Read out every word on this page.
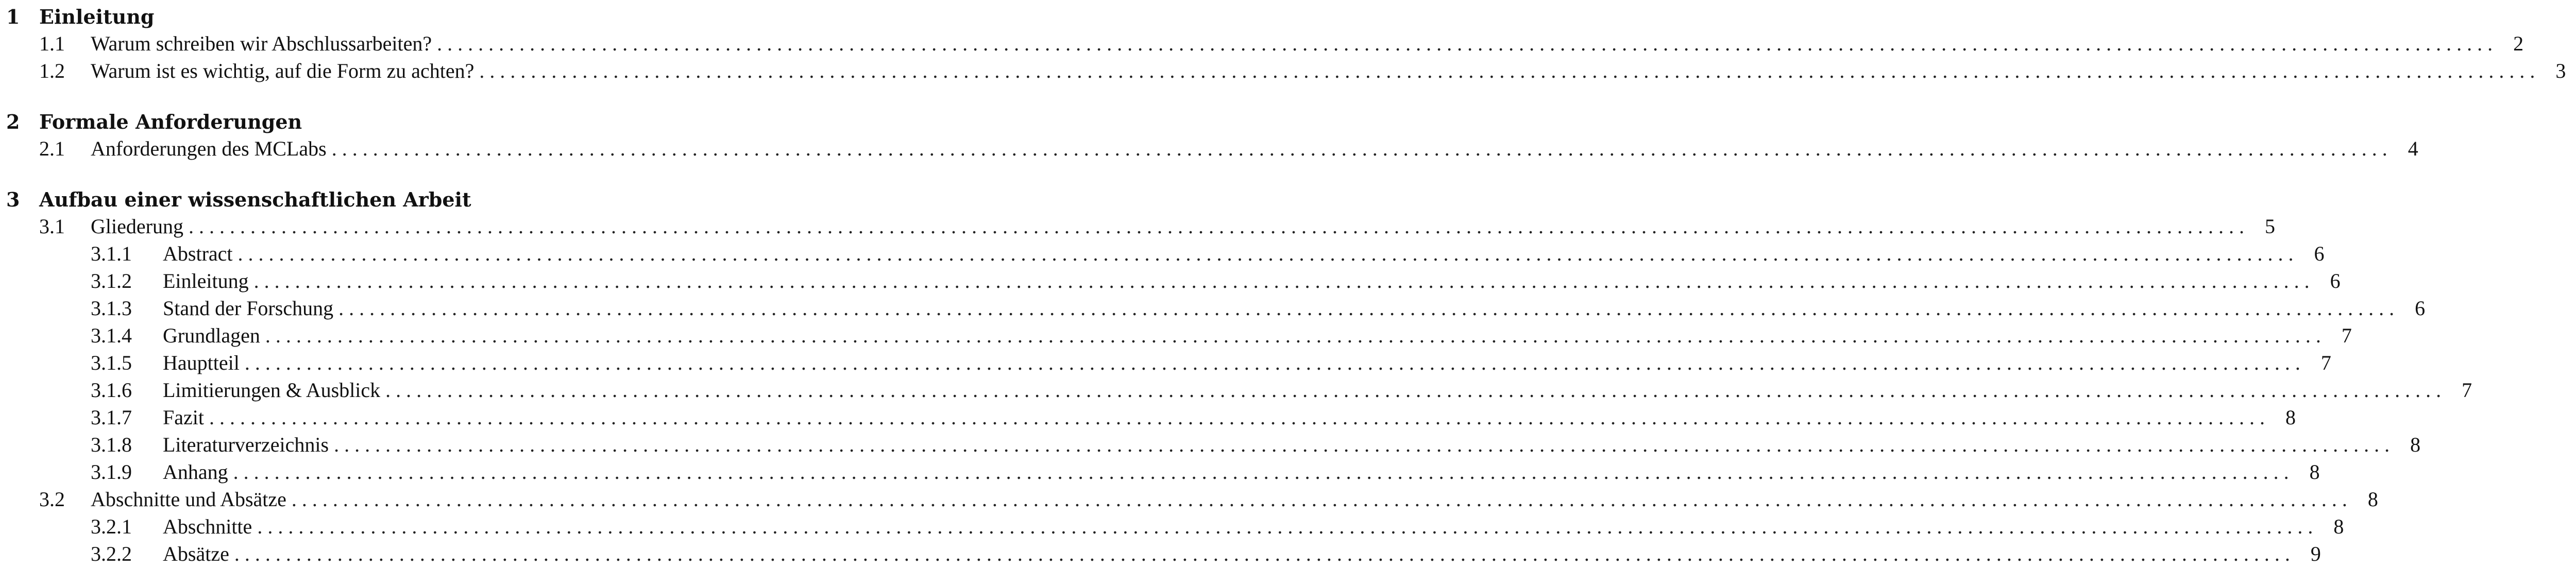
1 Einleitung
1.1	Warum schreiben wir Abschlussarbeiten? . . . . . . . . . . . . . . . . . . . . . . . . . . . . . . . . . . . . . . . . . . . . . . . . . . . . . . . . . . . . . . . . . . . . . . . . . . . . . . . . . . . . . . . . . . . . . . . . . . . . . . . . . . . . . . . . . . . . . . . . . . . . . . . . . . . . . . . . . . . . . . . . . . . . . . . . . . . . . . . . . . . . . . . . . . . . . . . . . . . . . . . . . . . . . . . . . . . . . . . .	2
1.2	Warum ist es wichtig, auf die Form zu achten? . . . . . . . . . . . . . . . . . . . . . . . . . . . . . . . . . . . . . . . . . . . . . . . . . . . . . . . . . . . . . . . . . . . . . . . . . . . . . . . . . . . . . . . . . . . . . . . . . . . . . . . . . . . . . . . . . . . . . . . . . . . . . . . . . . . . . . . . . . . . . . . . . . . . . . . . . . . . . . . . . . . . . . . . . . . . . . . . . . . . . . . . . . . . . . . . . . . . . . . .	3
2 Formale Anforderungen
2.1	Anforderungen des MCLabs . . . . . . . . . . . . . . . . . . . . . . . . . . . . . . . . . . . . . . . . . . . . . . . . . . . . . . . . . . . . . . . . . . . . . . . . . . . . . . . . . . . . . . . . . . . . . . . . . . . . . . . . . . . . . . . . . . . . . . . . . . . . . . . . . . . . . . . . . . . . . . . . . . . . . . . . . . . . . . . . . . . . . . . . . . . . . . . . . . . . . . . . . . . . . . . . . . . . . . . .	4
3 Aufbau einer wissenschaftlichen Arbeit
3.1	Gliederung . . . . . . . . . . . . . . . . . . . . . . . . . . . . . . . . . . . . . . . . . . . . . . . . . . . . . . . . . . . . . . . . . . . . . . . . . . . . . . . . . . . . . . . . . . . . . . . . . . . . . . . . . . . . . . . . . . . . . . . . . . . . . . . . . . . . . . . . . . . . . . . . . . . . . . . . . . . . . . . . . . . . . . . . . . . . . . . . . . . . . . . . . . . . . . . . . . . . . . . .	5
3.1.1	Abstract . . . . . . . . . . . . . . . . . . . . . . . . . . . . . . . . . . . . . . . . . . . . . . . . . . . . . . . . . . . . . . . . . . . . . . . . . . . . . . . . . . . . . . . . . . . . . . . . . . . . . . . . . . . . . . . . . . . . . . . . . . . . . . . . . . . . . . . . . . . . . . . . . . . . . . . . . . . . . . . . . . . . . . . . . . . . . . . . . . . . . . . . . . . . . . . . . . . . . . . .	6
3.1.2	Einleitung . . . . . . . . . . . . . . . . . . . . . . . . . . . . . . . . . . . . . . . . . . . . . . . . . . . . . . . . . . . . . . . . . . . . . . . . . . . . . . . . . . . . . . . . . . . . . . . . . . . . . . . . . . . . . . . . . . . . . . . . . . . . . . . . . . . . . . . . . . . . . . . . . . . . . . . . . . . . . . . . . . . . . . . . . . . . . . . . . . . . . . . . . . . . . . . . . . . . . . . .	6
3.1.3	Stand der Forschung . . . . . . . . . . . . . . . . . . . . . . . . . . . . . . . . . . . . . . . . . . . . . . . . . . . . . . . . . . . . . . . . . . . . . . . . . . . . . . . . . . . . . . . . . . . . . . . . . . . . . . . . . . . . . . . . . . . . . . . . . . . . . . . . . . . . . . . . . . . . . . . . . . . . . . . . . . . . . . . . . . . . . . . . . . . . . . . . . . . . . . . . . . . . . . . . . . . . . . . .	6
3.1.4	Grundlagen . . . . . . . . . . . . . . . . . . . . . . . . . . . . . . . . . . . . . . . . . . . . . . . . . . . . . . . . . . . . . . . . . . . . . . . . . . . . . . . . . . . . . . . . . . . . . . . . . . . . . . . . . . . . . . . . . . . . . . . . . . . . . . . . . . . . . . . . . . . . . . . . . . . . . . . . . . . . . . . . . . . . . . . . . . . . . . . . . . . . . . . . . . . . . . . . . . . . . . . .	7
3.1.5	Hauptteil . . . . . . . . . . . . . . . . . . . . . . . . . . . . . . . . . . . . . . . . . . . . . . . . . . . . . . . . . . . . . . . . . . . . . . . . . . . . . . . . . . . . . . . . . . . . . . . . . . . . . . . . . . . . . . . . . . . . . . . . . . . . . . . . . . . . . . . . . . . . . . . . . . . . . . . . . . . . . . . . . . . . . . . . . . . . . . . . . . . . . . . . . . . . . . . . . . . . . . . .	7
3.1.6	Limitierungen & Ausblick . . . . . . . . . . . . . . . . . . . . . . . . . . . . . . . . . . . . . . . . . . . . . . . . . . . . . . . . . . . . . . . . . . . . . . . . . . . . . . . . . . . . . . . . . . . . . . . . . . . . . . . . . . . . . . . . . . . . . . . . . . . . . . . . . . . . . . . . . . . . . . . . . . . . . . . . . . . . . . . . . . . . . . . . . . . . . . . . . . . . . . . . . . . . . . . . . . . . . . . .	7
3.1.7	Fazit . . . . . . . . . . . . . . . . . . . . . . . . . . . . . . . . . . . . . . . . . . . . . . . . . . . . . . . . . . . . . . . . . . . . . . . . . . . . . . . . . . . . . . . . . . . . . . . . . . . . . . . . . . . . . . . . . . . . . . . . . . . . . . . . . . . . . . . . . . . . . . . . . . . . . . . . . . . . . . . . . . . . . . . . . . . . . . . . . . . . . . . . . . . . . . . . . . . . . . . .	8
3.1.8	Literaturverzeichnis . . . . . . . . . . . . . . . . . . . . . . . . . . . . . . . . . . . . . . . . . . . . . . . . . . . . . . . . . . . . . . . . . . . . . . . . . . . . . . . . . . . . . . . . . . . . . . . . . . . . . . . . . . . . . . . . . . . . . . . . . . . . . . . . . . . . . . . . . . . . . . . . . . . . . . . . . . . . . . . . . . . . . . . . . . . . . . . . . . . . . . . . . . . . . . . . . . . . . . . .	8
3.1.9	Anhang . . . . . . . . . . . . . . . . . . . . . . . . . . . . . . . . . . . . . . . . . . . . . . . . . . . . . . . . . . . . . . . . . . . . . . . . . . . . . . . . . . . . . . . . . . . . . . . . . . . . . . . . . . . . . . . . . . . . . . . . . . . . . . . . . . . . . . . . . . . . . . . . . . . . . . . . . . . . . . . . . . . . . . . . . . . . . . . . . . . . . . . . . . . . . . . . . . . . . . . .	8
3.2	Abschnitte und Absätze . . . . . . . . . . . . . . . . . . . . . . . . . . . . . . . . . . . . . . . . . . . . . . . . . . . . . . . . . . . . . . . . . . . . . . . . . . . . . . . . . . . . . . . . . . . . . . . . . . . . . . . . . . . . . . . . . . . . . . . . . . . . . . . . . . . . . . . . . . . . . . . . . . . . . . . . . . . . . . . . . . . . . . . . . . . . . . . . . . . . . . . . . . . . . . . . . . . . . . . .	8
3.2.1	Abschnitte . . . . . . . . . . . . . . . . . . . . . . . . . . . . . . . . . . . . . . . . . . . . . . . . . . . . . . . . . . . . . . . . . . . . . . . . . . . . . . . . . . . . . . . . . . . . . . . . . . . . . . . . . . . . . . . . . . . . . . . . . . . . . . . . . . . . . . . . . . . . . . . . . . . . . . . . . . . . . . . . . . . . . . . . . . . . . . . . . . . . . . . . . . . . . . . . . . . . . . . .	8
3.2.2	Absätze . . . . . . . . . . . . . . . . . . . . . . . . . . . . . . . . . . . . . . . . . . . . . . . . . . . . . . . . . . . . . . . . . . . . . . . . . . . . . . . . . . . . . . . . . . . . . . . . . . . . . . . . . . . . . . . . . . . . . . . . . . . . . . . . . . . . . . . . . . . . . . . . . . . . . . . . . . . . . . . . . . . . . . . . . . . . . . . . . . . . . . . . . . . . . . . . . . . . . . . .	9
